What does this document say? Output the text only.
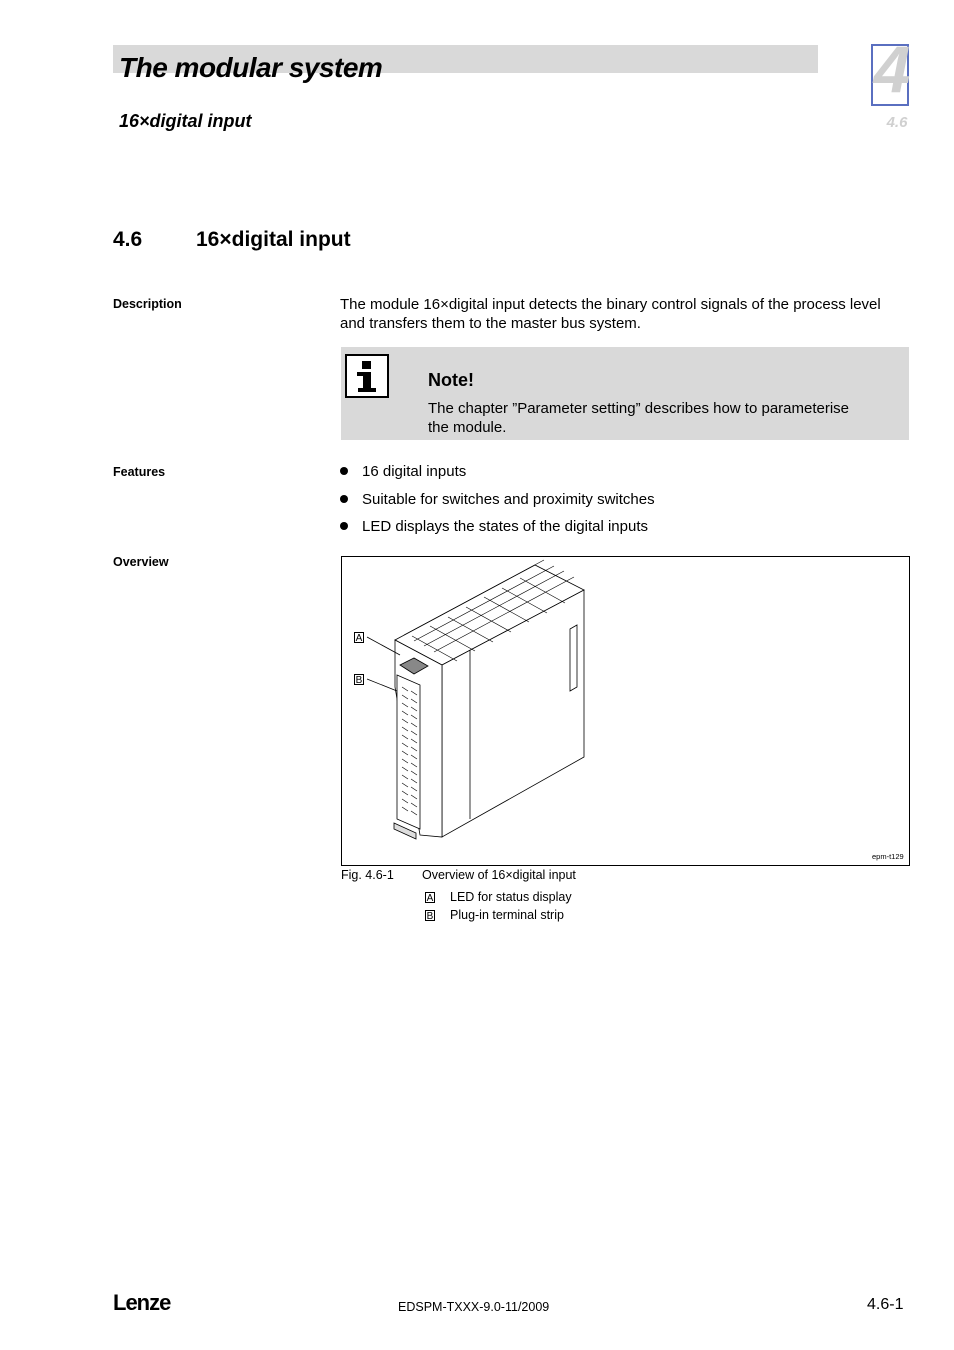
The modular system
16×digital input
4
4.6
4.6	16×digital input
Description	The module 16×digital input detects the binary control signals of the process level
and transfers them to the master bus system.
Note!
The chapter ”Parameter setting” describes how to parameterise
the module.
Features	16 digital inputs
Suitable for switches and proximity switches
LED displays the states of the digital inputs
Overview
A
B
epm-t129
Fig. 4.6-1 Overview of 16×digital input
A LED for status display
B Plug-in terminal strip
Lenze	EDSPM-TXXX-9.0-11/2009	4.6-1
